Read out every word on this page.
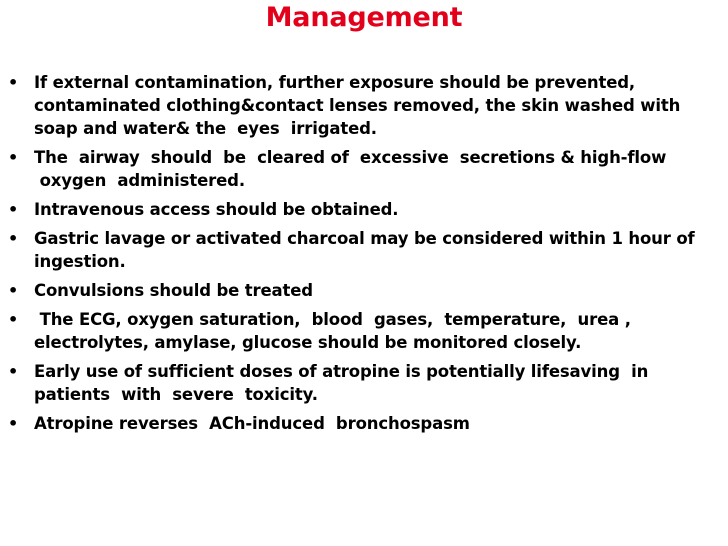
Management
• If external contamination, further exposure should be prevented, contaminated clothing&contact lenses removed, the skin washed with soap and water& the  eyes  irrigated.
• The  airway  should  be  cleared of  excessive  secretions & high-flow
oxygen  administered.
• Intravenous access should be obtained.
• Gastric lavage or activated charcoal may be considered within 1 hour of ingestion.
• Convulsions should be treated
• The ECG, oxygen saturation,  blood  gases,  temperature,  urea , electrolytes, amylase, glucose should be monitored closely.
• Early use of sufficient doses of atropine is potentially lifesaving  in patients  with  severe  toxicity.
• Atropine reverses  ACh-induced  bronchospasm
